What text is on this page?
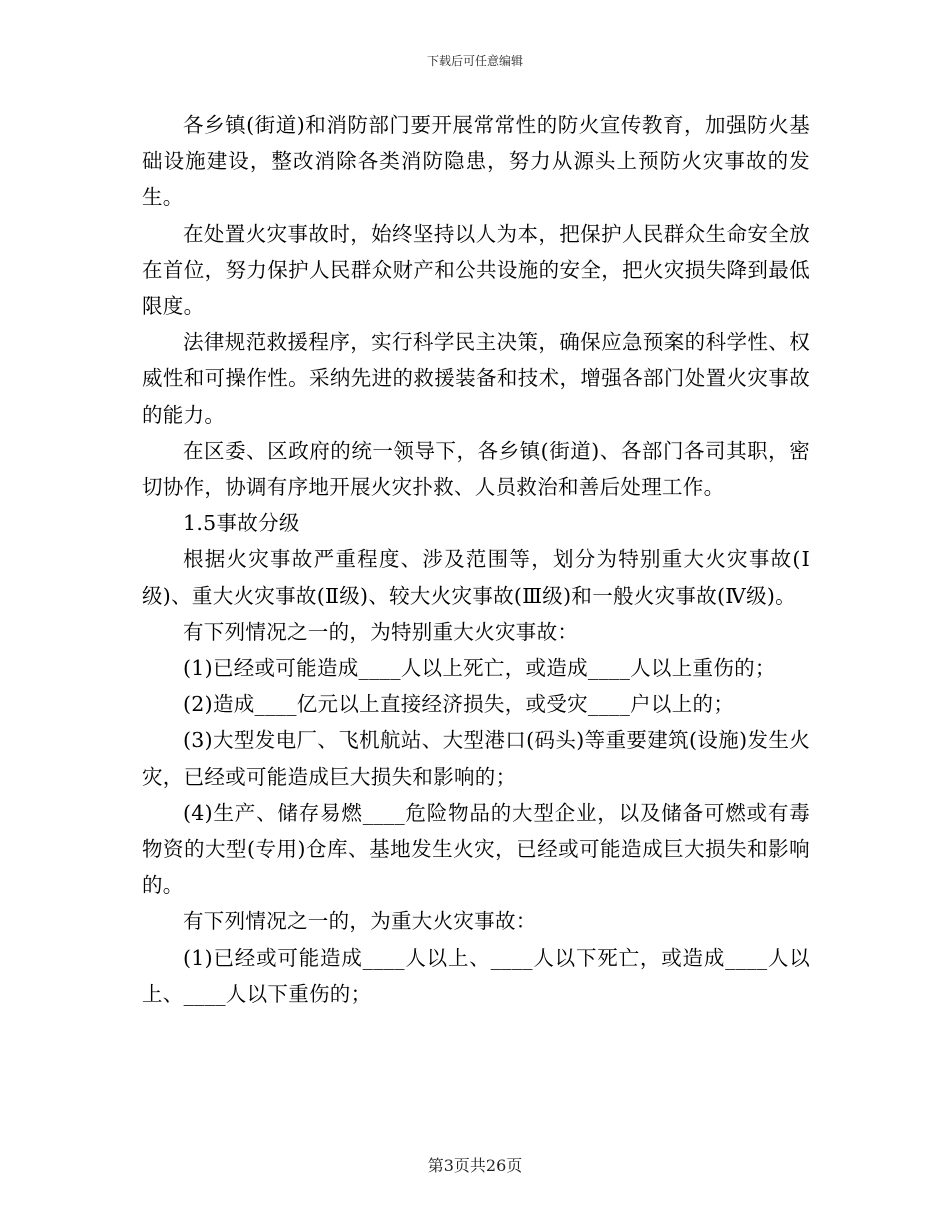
下载后可任意编辑

各乡镇(街道)和消防部门要开展常常性的防火宣传教育，加强防火基础设施建设，整改消除各类消防隐患，努力从源头上预防火灾事故的发生。

在处置火灾事故时，始终坚持以人为本，把保护人民群众生命安全放在首位，努力保护人民群众财产和公共设施的安全，把火灾损失降到最低限度。

法律规范救援程序，实行科学民主决策，确保应急预案的科学性、权威性和可操作性。采纳先进的救援装备和技术，增强各部门处置火灾事故的能力。

在区委、区政府的统一领导下，各乡镇(街道)、各部门各司其职，密切协作，协调有序地开展火灾扑救、人员救治和善后处理工作。

1.5事故分级

根据火灾事故严重程度、涉及范围等，划分为特别重大火灾事故(Ⅰ级)、重大火灾事故(Ⅱ级)、较大火灾事故(Ⅲ级)和一般火灾事故(Ⅳ级)。

有下列情况之一的，为特别重大火灾事故：

(1)已经或可能造成____人以上死亡，或造成____人以上重伤的；

(2)造成____亿元以上直接经济损失，或受灾____户以上的；

(3)大型发电厂、飞机航站、大型港口(码头)等重要建筑(设施)发生火灾，已经或可能造成巨大损失和影响的；

(4)生产、储存易燃____危险物品的大型企业，以及储备可燃或有毒物资的大型(专用)仓库、基地发生火灾，已经或可能造成巨大损失和影响的。

有下列情况之一的，为重大火灾事故：

(1)已经或可能造成____人以上、____人以下死亡，或造成____人以上、____人以下重伤的；

第3页共26页
